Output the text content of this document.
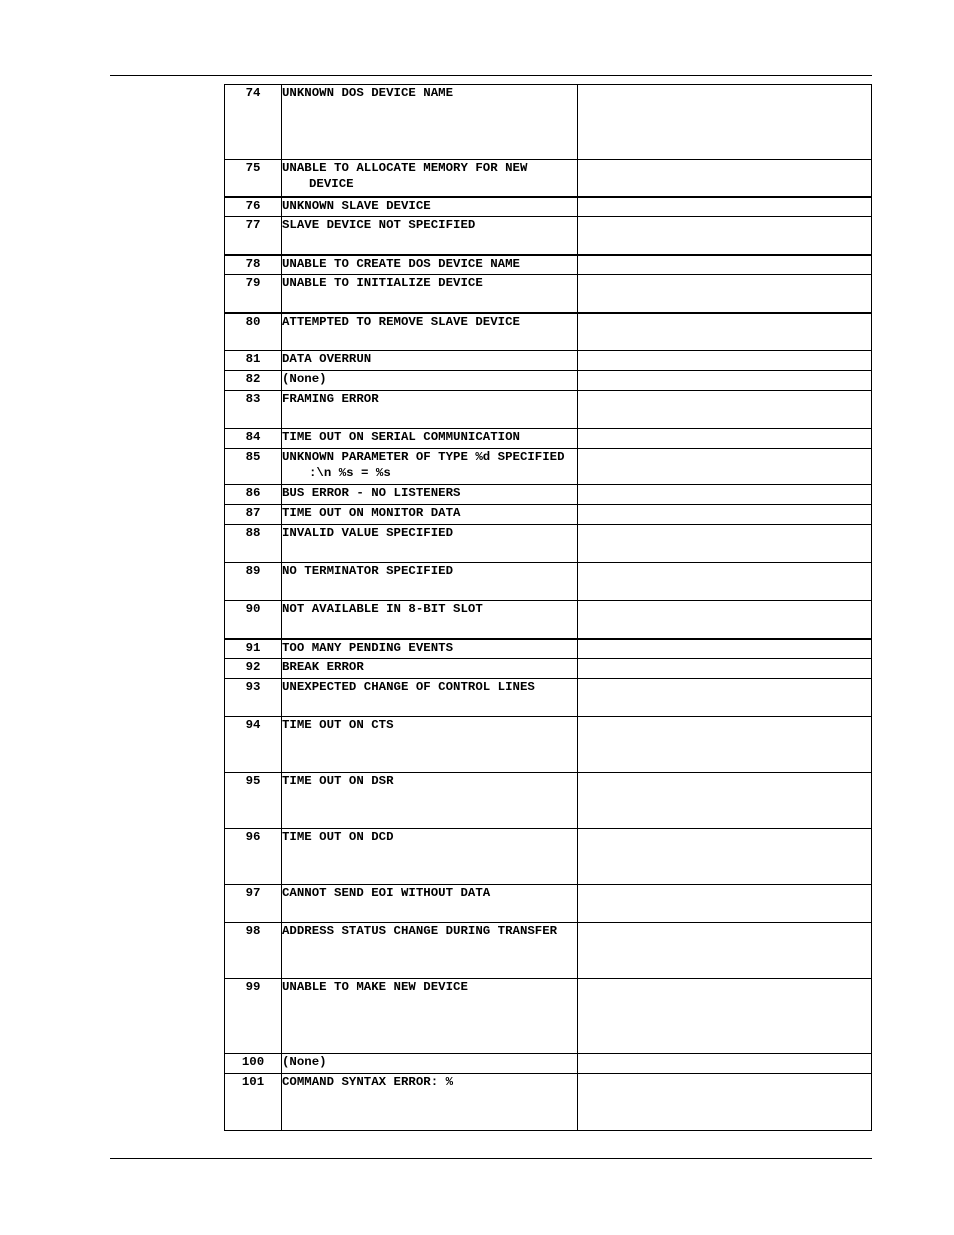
74	UNKNOWN DOS DEVICE NAME	

75	UNABLE TO ALLOCATE MEMORY FOR NEW DEVICE	

76	UNKNOWN SLAVE DEVICE	

77	SLAVE DEVICE NOT SPECIFIED	

78	UNABLE TO CREATE DOS DEVICE NAME	

79	UNABLE TO INITIALIZE DEVICE	

80	ATTEMPTED TO REMOVE SLAVE DEVICE	

81	DATA OVERRUN	

82	(None)	

83	FRAMING ERROR	

84	TIME OUT ON SERIAL COMMUNICATION	

85	UNKNOWN PARAMETER OF TYPE %d SPECIFIED :\n %s = %s	

86	BUS ERROR - NO LISTENERS	

87	TIME OUT ON MONITOR DATA	

88	INVALID VALUE SPECIFIED	

89	NO TERMINATOR SPECIFIED	

90	NOT AVAILABLE IN 8-BIT SLOT	

91	TOO MANY PENDING EVENTS	

92	BREAK ERROR	

93	UNEXPECTED CHANGE OF CONTROL LINES	

94	TIME OUT ON CTS	

95	TIME OUT ON DSR	

96	TIME OUT ON DCD	

97	CANNOT SEND EOI WITHOUT DATA	

98	ADDRESS STATUS CHANGE DURING TRANSFER	

99	UNABLE TO MAKE NEW DEVICE	

100	(None)	

101	COMMAND SYNTAX ERROR: %	
